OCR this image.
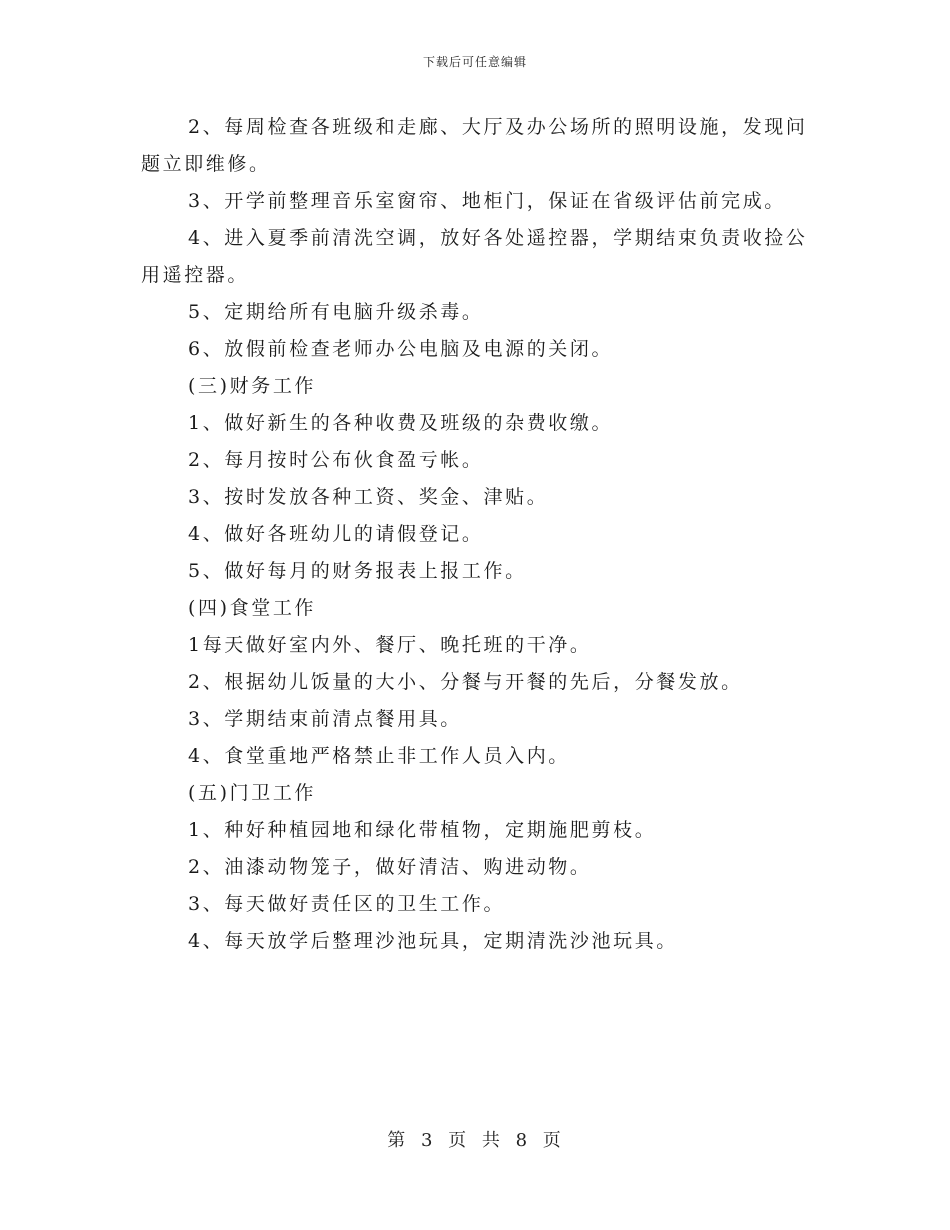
下载后可任意编辑
2、每周检查各班级和走廊、大厅及办公场所的照明设施，发现问
题立即维修。
3、开学前整理音乐室窗帘、地柜门，保证在省级评估前完成。
4、进入夏季前清洗空调，放好各处遥控器，学期结束负责收捡公
用遥控器。
5、定期给所有电脑升级杀毒。
6、放假前检查老师办公电脑及电源的关闭。
(三)财务工作
1、做好新生的各种收费及班级的杂费收缴。
2、每月按时公布伙食盈亏帐。
3、按时发放各种工资、奖金、津贴。
4、做好各班幼儿的请假登记。
5、做好每月的财务报表上报工作。
(四)食堂工作
1每天做好室内外、餐厅、晚托班的干净。
2、根据幼儿饭量的大小、分餐与开餐的先后，分餐发放。
3、学期结束前清点餐用具。
4、食堂重地严格禁止非工作人员入内。
(五)门卫工作
1、种好种植园地和绿化带植物，定期施肥剪枝。
2、油漆动物笼子，做好清洁、购进动物。
3、每天做好责任区的卫生工作。
4、每天放学后整理沙池玩具，定期清洗沙池玩具。
第 3 页 共 8 页
